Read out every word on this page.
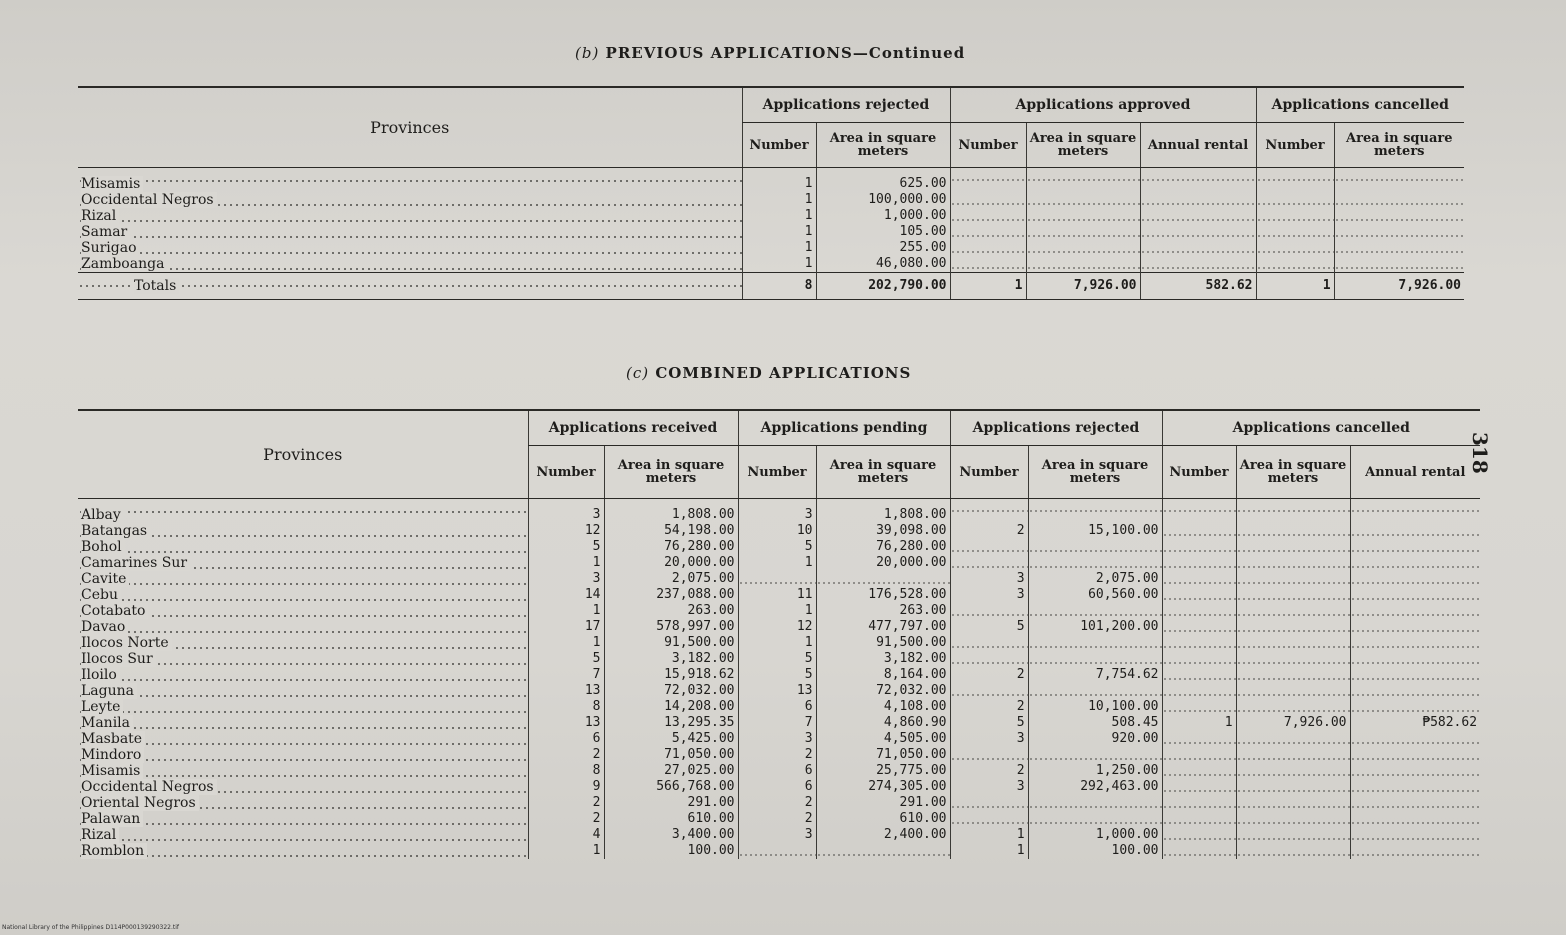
(b) PREVIOUS APPLICATIONS—Continued
Provinces	Applications rejected		Applications approved			Applications cancelled	
	Number	Area in square meters	Number	Area in square meters	Annual rental	Number	Area in square meters
Misamis	1	625.00					
Occidental Negros	1	100,000.00					
Rizal	1	1,000.00					
Samar	1	105.00					
Surigao	1	255.00					
Zamboanga	1	46,080.00					
Totals	8	202,790.00	1	7,926.00	582.62	1	7,926.00
(c) COMBINED APPLICATIONS
Provinces	Applications received		Applications pending		Applications rejected		Applications cancelled		
	Number	Area in square meters	Number	Area in square meters	Number	Area in square meters	Number	Area in square meters	Annual rental
Albay	3	1,808.00	3	1,808.00					
Batangas	12	54,198.00	10	39,098.00	2	15,100.00			
Bohol	5	76,280.00	5	76,280.00					
Camarines Sur	1	20,000.00	1	20,000.00					
Cavite	3	2,075.00			3	2,075.00			
Cebu	14	237,088.00	11	176,528.00	3	60,560.00			
Cotabato	1	263.00	1	263.00					
Davao	17	578,997.00	12	477,797.00	5	101,200.00			
Ilocos Norte	1	91,500.00	1	91,500.00					
Ilocos Sur	5	3,182.00	5	3,182.00					
Iloilo	7	15,918.62	5	8,164.00	2	7,754.62			
Laguna	13	72,032.00	13	72,032.00					
Leyte	8	14,208.00	6	4,108.00	2	10,100.00			
Manila	13	13,295.35	7	4,860.90	5	508.45	1	7,926.00	₱582.62
Masbate	6	5,425.00	3	4,505.00	3	920.00			
Mindoro	2	71,050.00	2	71,050.00					
Misamis	8	27,025.00	6	25,775.00	2	1,250.00			
Occidental Negros	9	566,768.00	6	274,305.00	3	292,463.00			
Oriental Negros	2	291.00	2	291.00					
Palawan	2	610.00	2	610.00					
Rizal	4	3,400.00	3	2,400.00	1	1,000.00			
Romblon	1	100.00			1	100.00			
318
National Library of the Philippines D114P000139290322.tif
